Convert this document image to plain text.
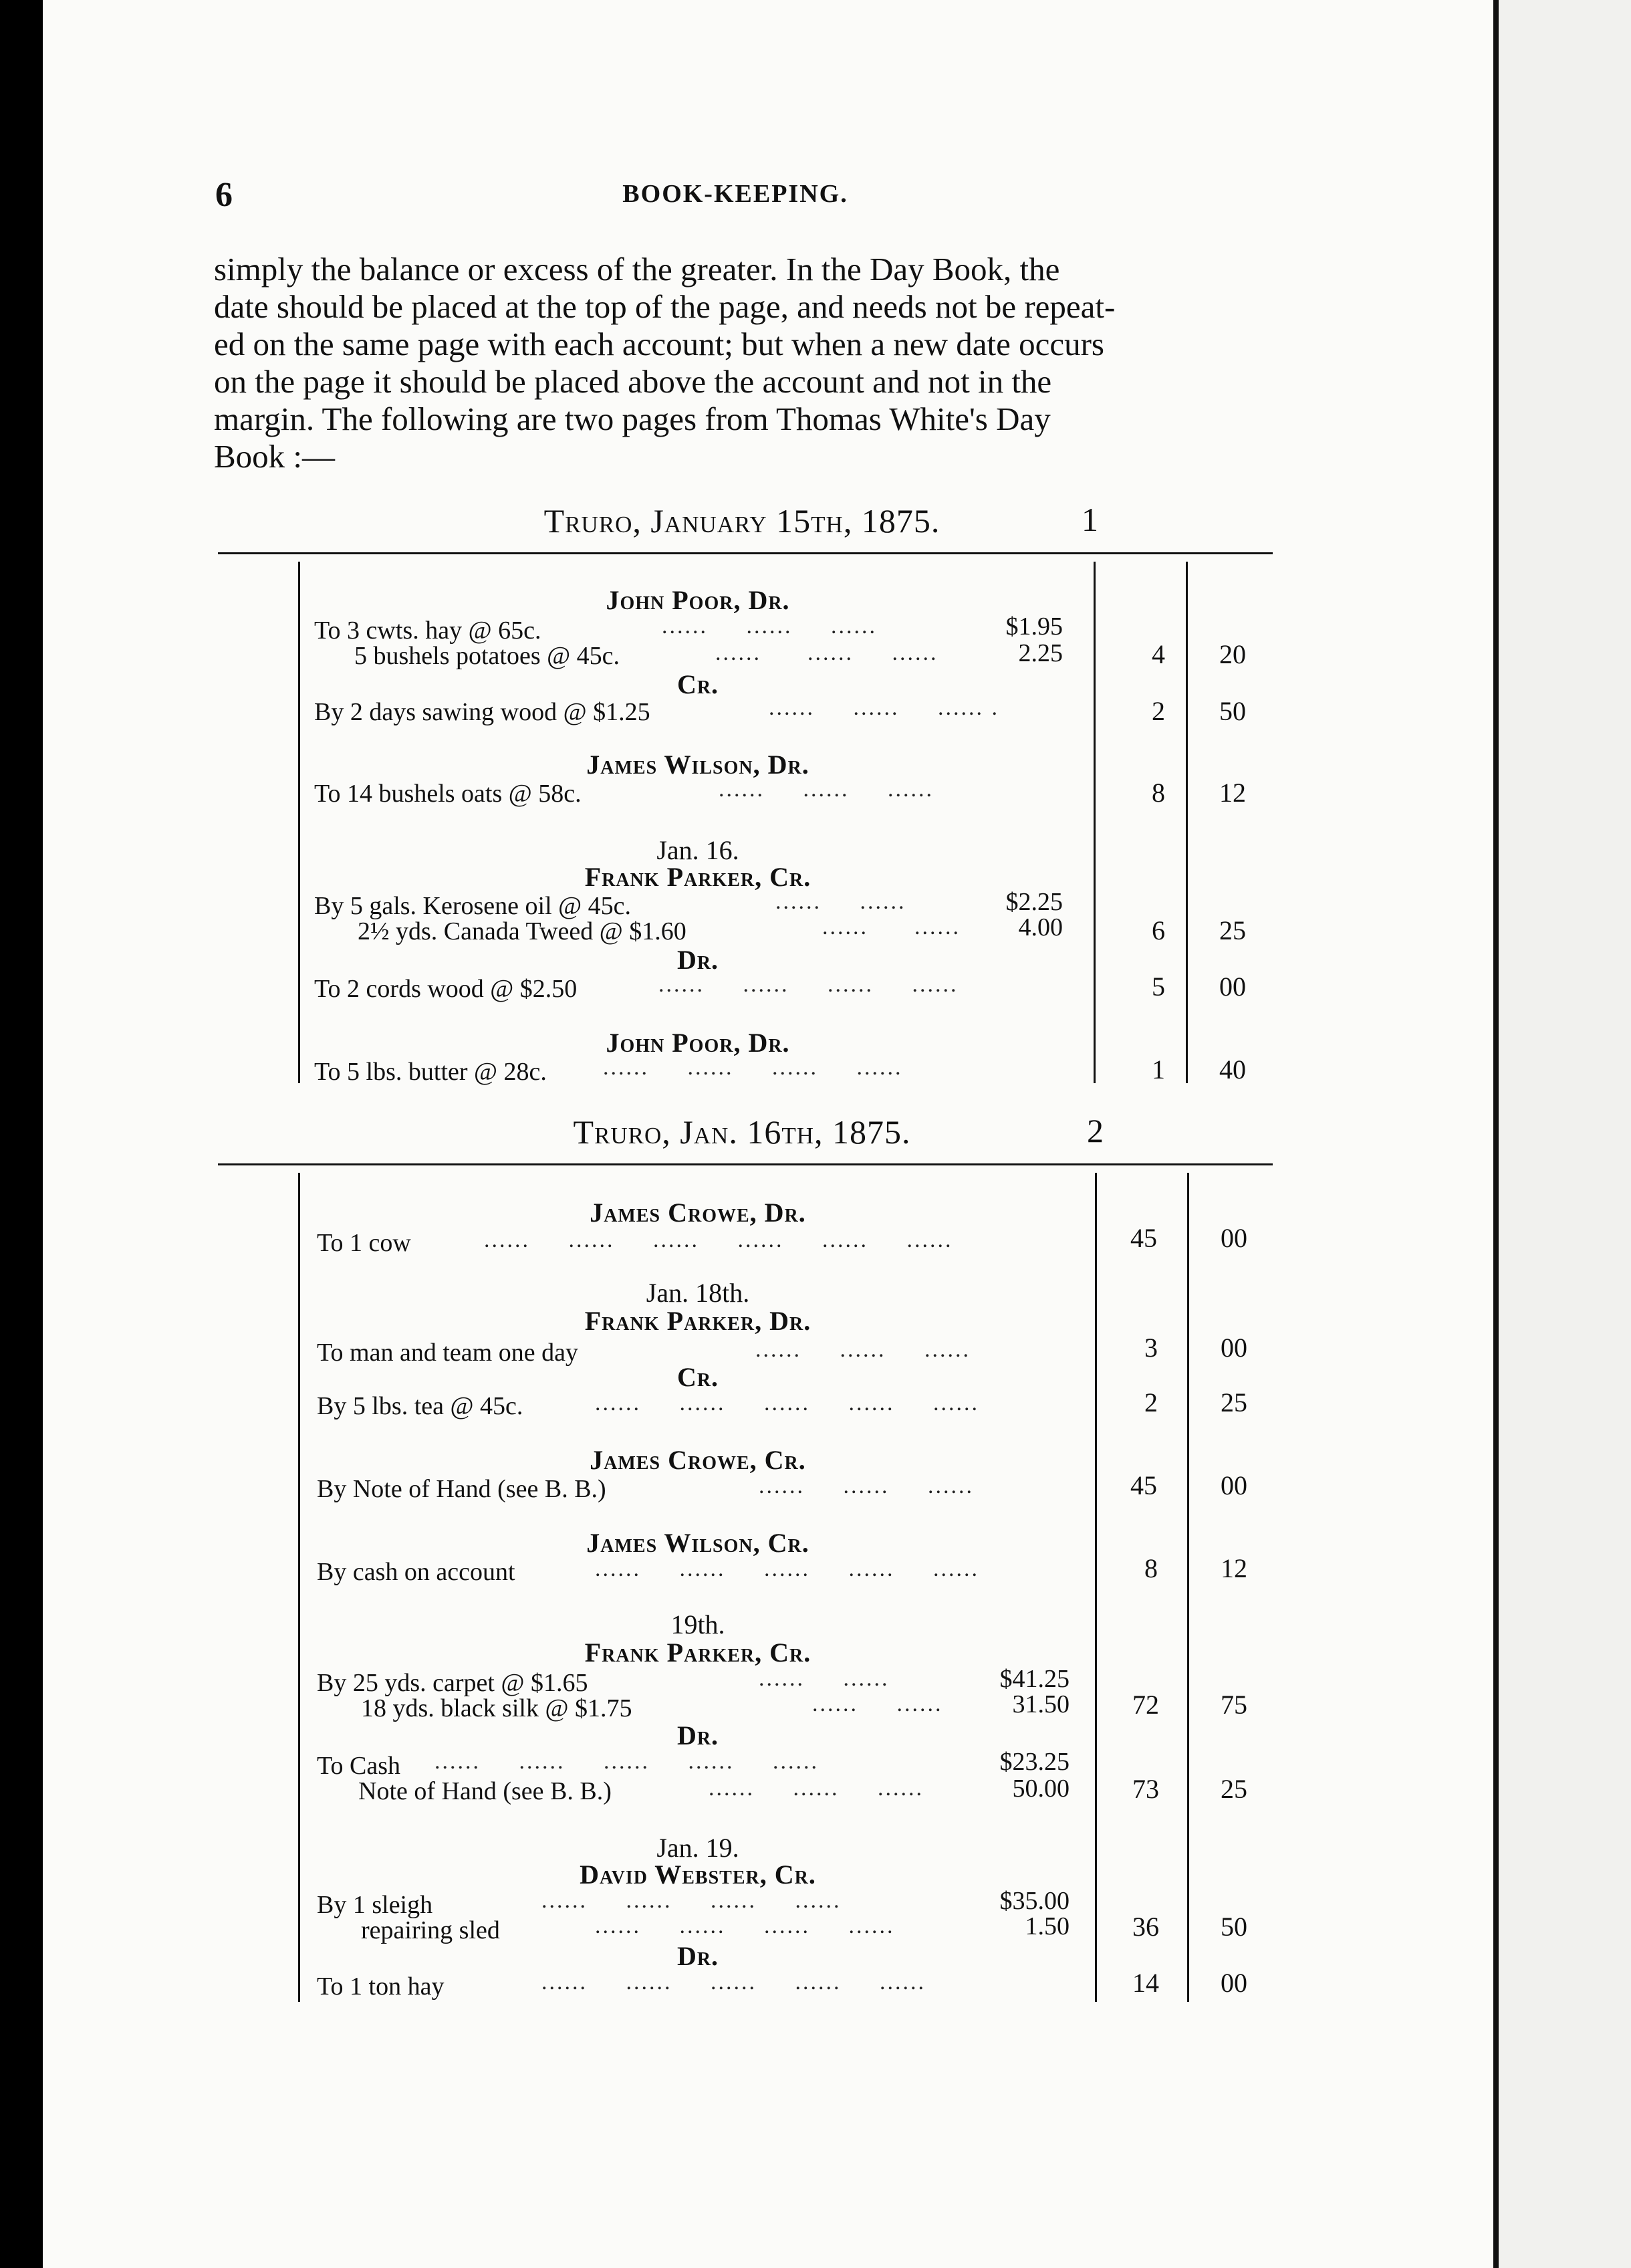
6	BOOK-KEEPING.
simply the balance or excess of the greater. In the Day Book, the
date should be placed at the top of the page, and needs not be repeat-
ed on the same page with each account; but when a new date occurs
on the page it should be placed above the account and not in the
margin. The following are two pages from Thomas White's Day
Book :—
Truro, January 15th, 1875.	1
John Poor, Dr.
To 3 cwts. hay @ 65c.	......     ......     ......	$1.95
5 bushels potatoes @ 45c.	......      ......     ......	2.25	4 20
Cr.
By 2 days sawing wood @ $1.25	......     ......     ...... .	2 50
James Wilson, Dr.
To 14 bushels oats @ 58c.	......     ......     ......	8 12
Jan. 16.
Frank Parker, Cr.
By 5 gals. Kerosene oil @ 45c.	......     ......	$2.25
2½ yds. Canada Tweed @ $1.60	......      ...... 4.00	6 25
Dr.
To 2 cords wood @ $2.50	......     ......     ......     ......	5 00
John Poor, Dr.
To 5 lbs. butter @ 28c. ......     ......     ......     ......	1 40
Truro, Jan. 16th, 1875.	2
James Crowe, Dr.
To 1 cow	......     ......     ......     ......     ......     ......	45 00
Jan. 18th.
Frank Parker, Dr.
To man and team one day	......     ......     ......	3 00
Cr.
By 5 lbs. tea @ 45c.	......     ......     ......     ......     ......	2 25
James Crowe, Cr.
By Note of Hand (see B. B.)	......     ......     ......	45 00
James Wilson, Cr.
By cash on account	......     ......     ......     ......     ......	8 12
19th.
Frank Parker, Cr.
By 25 yds. carpet @ $1.65	......     ......	$41.25
18 yds. black silk @ $1.75	......     ......	31.50 72 75
Dr.
To Cash ......     ......     ......     ......     ......	$23.25
Note of Hand (see B. B.)	......     ......     ......	50.00 73 25
Jan. 19.
David Webster, Cr.
By 1 sleigh	......     ......     ......     ......	$35.00
repairing sled	......     ......     ......     ......	1.50 36 50
Dr.
To 1 ton hay	......     ......     ......     ......     ......	14 00
